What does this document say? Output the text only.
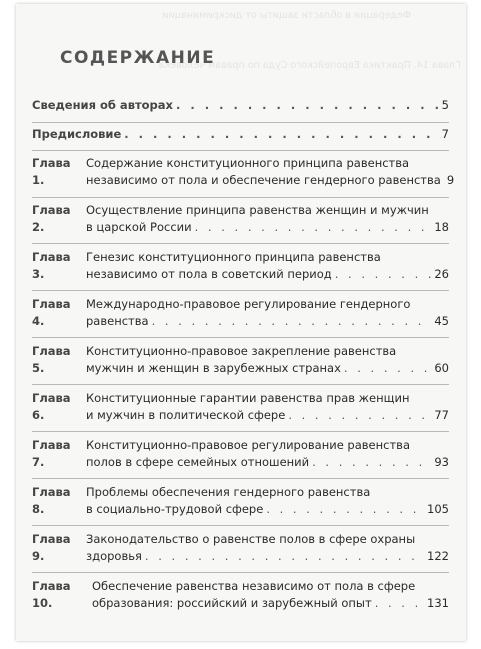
Федерации в области защиты от дискриминации
Глава 14. Практика Европейского Суда по правам человека
СОДЕРЖАНИЕ
Сведения об авторах . . .	5
Предисловие . . .	7
Глава 1.
Содержание конституционного принципа равенства
независимо от пола и обеспечение гендерного равенства 9
Глава 2.
Осуществление принципа равенства женщин и мужчин
в царской России . . .	18
Глава 3.
Генезис конституционного принципа равенства
независимо от пола в советский период . . .	26
Глава 4.
Международно-правовое регулирование гендерного
равенства . . .	45
Глава 5.
Конституционно-правовое закрепление равенства
мужчин и женщин в зарубежных странах . . .	60
Глава 6.
Конституционные гарантии равенства прав женщин
и мужчин в политической сфере . . .	77
Глава 7.
Конституционно-правовое регулирование равенства
полов в сфере семейных отношений . . .	93
Глава 8.
Проблемы обеспечения гендерного равенства
в социально-трудовой сфере . . .	105
Глава 9.
Законодательство о равенстве полов в сфере охраны
здоровья . . .	122
Глава 10.
Обеспечение равенства независимо от пола в сфере
образования: российский и зарубежный опыт . . .	131
